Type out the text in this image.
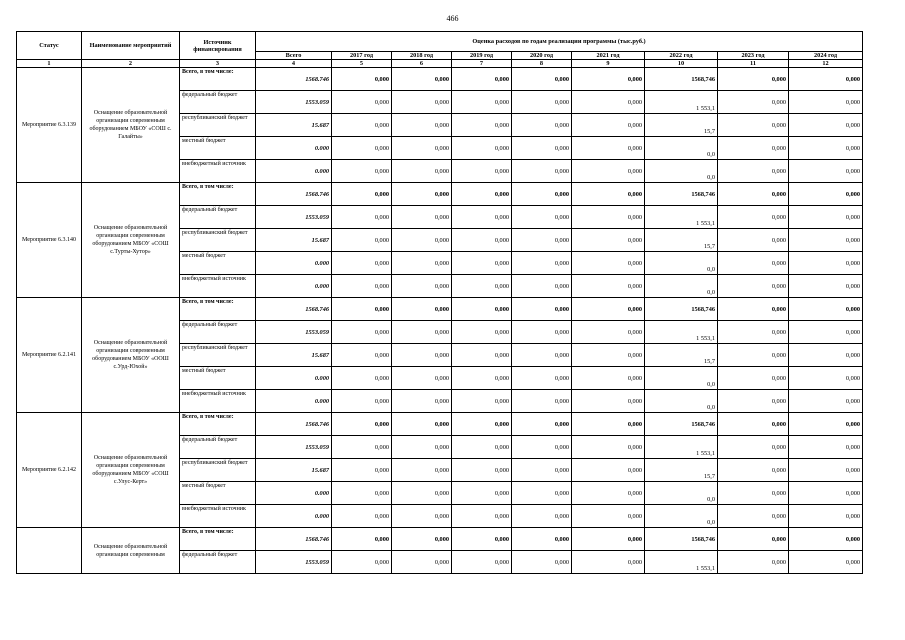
466
Статус	Наименование мероприятий	Источник финансирования	Оценка расходов по годам реализации программы (тыс.руб.)								
			Всего	2017 год	2018 год	2019 год	2020 год	2021 год	2022 год	2023 год	2024 год
1	2	3	4	5	6	7	8	9	10	11	12
Мероприятие 6.3.139	Оснащение образовательной организации современным оборудованием МБОУ «СОШ с. Галайты»	Всего, в том числе:	1568.746	0,000	0,000	0,000	0,000	0,000	1568,746	0,000	0,000
		федеральный бюджет	1553.059	0,000	0,000	0,000	0,000	0,000	1 553,1	0,000	0,000
		республиканский бюджет	15.687	0,000	0,000	0,000	0,000	0,000	15,7	0,000	0,000
		местный бюджет	0.000	0,000	0,000	0,000	0,000	0,000	0,0	0,000	0,000
		внебюджетный источник	0.000	0,000	0,000	0,000	0,000	0,000	0,0	0,000	0,000
Мероприятие 6.3.140	Оснащение образовательной организации современным оборудованием МБОУ «СОШ с.Турты-Хутор»	Всего, в том числе:	1568.746	0,000	0,000	0,000	0,000	0,000	1568,746	0,000	0,000
		федеральный бюджет	1553.059	0,000	0,000	0,000	0,000	0,000	1 553,1	0,000	0,000
		республиканский бюджет	15.687	0,000	0,000	0,000	0,000	0,000	15,7	0,000	0,000
		местный бюджет	0.000	0,000	0,000	0,000	0,000	0,000	0,0	0,000	0,000
		внебюджетный источник	0.000	0,000	0,000	0,000	0,000	0,000	0,0	0,000	0,000
Мероприятие 6.2.141	Оснащение образовательной организации современным оборудованием МБОУ «ООШ с.Урд-Юхой»	Всего, в том числе:	1568.746	0,000	0,000	0,000	0,000	0,000	1568,746	0,000	0,000
		федеральный бюджет	1553.059	0,000	0,000	0,000	0,000	0,000	1 553,1	0,000	0,000
		республиканский бюджет	15.687	0,000	0,000	0,000	0,000	0,000	15,7	0,000	0,000
		местный бюджет	0.000	0,000	0,000	0,000	0,000	0,000	0,0	0,000	0,000
		внебюджетный источник	0.000	0,000	0,000	0,000	0,000	0,000	0,0	0,000	0,000
Мероприятие 6.2.142	Оснащение образовательной организации современным оборудованием МБОУ «СОШ с.Улус-Керт»	Всего, в том числе:	1568.746	0,000	0,000	0,000	0,000	0,000	1568,746	0,000	0,000
		федеральный бюджет	1553.059	0,000	0,000	0,000	0,000	0,000	1 553,1	0,000	0,000
		республиканский бюджет	15.687	0,000	0,000	0,000	0,000	0,000	15,7	0,000	0,000
		местный бюджет	0.000	0,000	0,000	0,000	0,000	0,000	0,0	0,000	0,000
		внебюджетный источник	0.000	0,000	0,000	0,000	0,000	0,000	0,0	0,000	0,000
	Оснащение образовательной организации современным	Всего, в том числе:	1568.746	0,000	0,000	0,000	0,000	0,000	1568,746	0,000	0,000
		федеральный бюджет	1553.059	0,000	0,000	0,000	0,000	0,000	1 553,1	0,000	0,000
